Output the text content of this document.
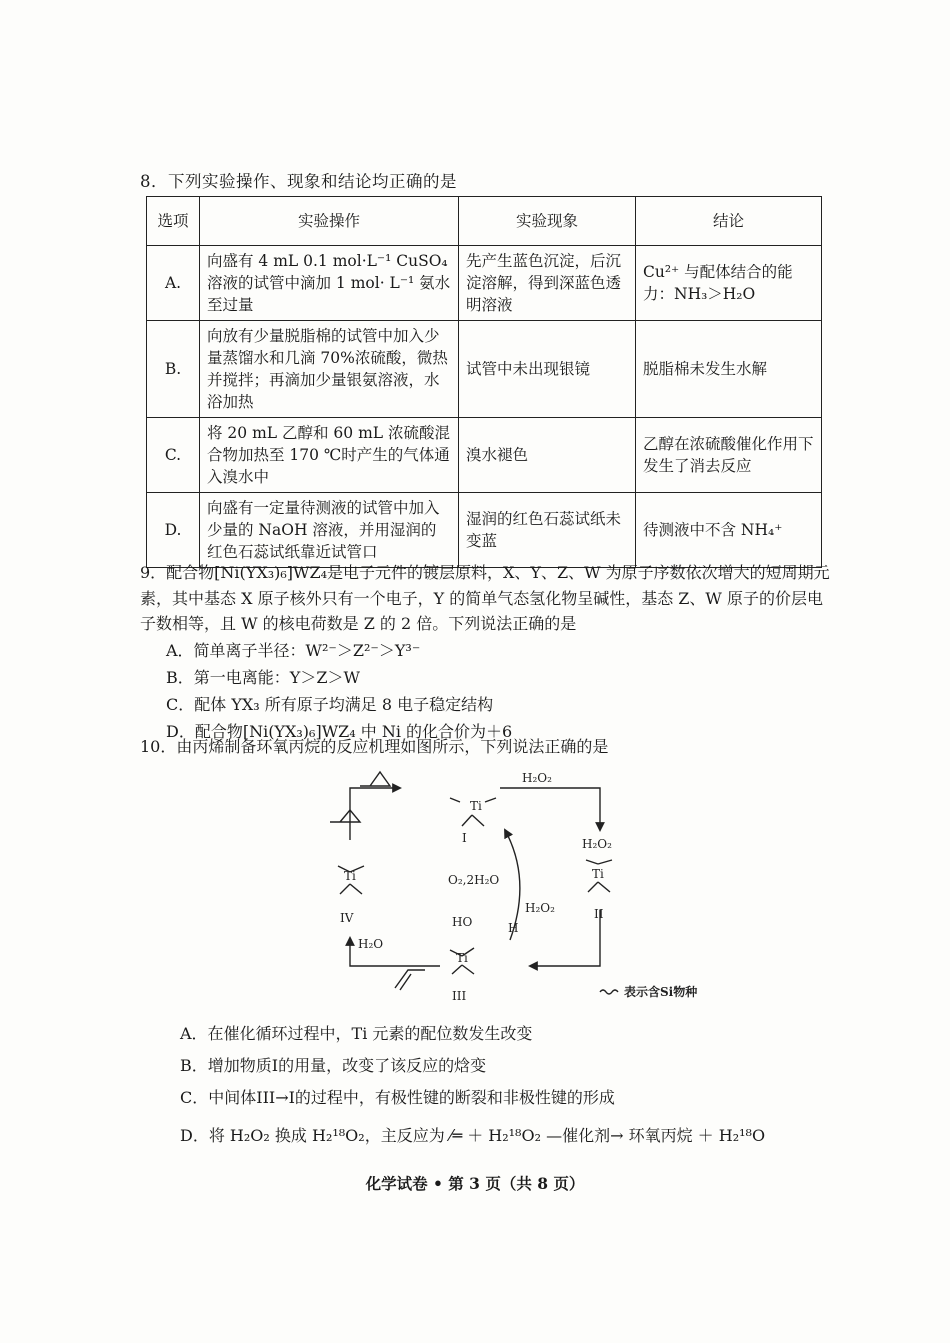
8．下列实验操作、现象和结论均正确的是
选项	实验操作	实验现象	结论
A.	向盛有 4 mL 0.1 mol·L⁻¹ CuSO₄ 溶液的试管中滴加 1 mol· L⁻¹ 氨水至过量	先产生蓝色沉淀，后沉淀溶解，得到深蓝色透明溶液	Cu²⁺ 与配体结合的能力：NH₃＞H₂O
B.	向放有少量脱脂棉的试管中加入少量蒸馏水和几滴 70%浓硫酸，微热并搅拌；再滴加少量银氨溶液，水浴加热	试管中未出现银镜	脱脂棉未发生水解
C.	将 20 mL 乙醇和 60 mL 浓硫酸混合物加热至 170 ℃时产生的气体通入溴水中	溴水褪色	乙醇在浓硫酸催化作用下发生了消去反应
D.	向盛有一定量待测液的试管中加入少量的 NaOH 溶液，并用湿润的红色石蕊试纸靠近试管口	湿润的红色石蕊试纸未变蓝	待测液中不含 NH₄⁺
9．配合物[Ni(YX₃)₆]WZ₄是电子元件的镀层原料，X、Y、Z、W 为原子序数依次增大的短周期元素，其中基态 X 原子核外只有一个电子，Y 的简单气态氢化物呈碱性，基态 Z、W 原子的价层电子数相等，且 W 的核电荷数是 Z 的 2 倍。下列说法正确的是
A．简单离子半径：W²⁻＞Z²⁻＞Y³⁻
B．第一电离能：Y＞Z＞W
C．配体 YX₃ 所有原子均满足 8 电子稳定结构
D．配合物[Ni(YX₃)₆]WZ₄ 中 Ni 的化合价为＋6
10．由丙烯制备环氧丙烷的反应机理如图所示，下列说法正确的是
Ti
I
Ti
II
Ti
III
Ti
IV
H₂O₂
H₂O₂
H₂O₂
O₂,2H₂O
H₂O
HO	H
表示含Si物种
A．在催化循环过程中，Ti 元素的配位数发生改变
B．增加物质I的用量，改变了该反应的焓变
C．中间体III→I的过程中，有极性键的断裂和非极性键的形成
D．将 H₂O₂ 换成 H₂¹⁸O₂，主反应为 ⁄═ ＋ H₂¹⁸O₂ —催化剂→ 环氧丙烷 ＋ H₂¹⁸O
化学试卷 • 第 3 页（共 8 页）
